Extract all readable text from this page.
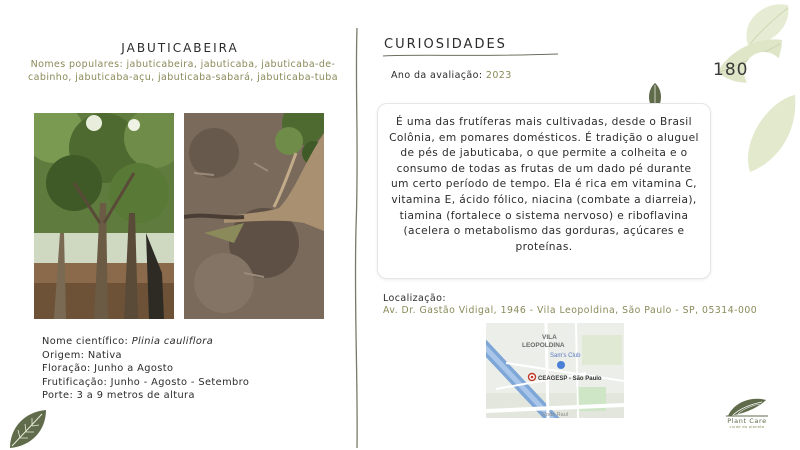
180
JABUTICABEIRA
Nomes populares: jabuticabeira, jabuticaba, jabuticaba-de-cabinho, jabuticaba-açu, jabuticaba-sabará, jabuticaba-tuba
Nome científico: Plinia cauliflora
Origem: Nativa
Floração: Junho a Agosto
Frutificação: Junho - Agosto - Setembro
Porte: 3 a 9 metros de altura
CURIOSIDADES
Ano da avaliação: 2023
É uma das frutíferas mais cultivadas, desde o Brasil Colônia, em pomares domésticos. É tradição o aluguel de pés de jabuticaba, o que permite a colheita e o consumo de todas as frutas de um dado pé durante um certo período de tempo. Ela é rica em vitamina C, vitamina E, ácido fólico, niacina (combate a diarreia), tiamina (fortalece o sistema nervoso) e riboflavina (acelera o metabolismo das gorduras, açúcares e proteínas.
Localização:
Av. Dr. Gastão Vidigal, 1946 - Vila Leopoldina, São Paulo - SP, 05314-000
VILA
LEOPOLDINA
Sam's Club
CEAGESP - São Paulo
Rodo Raul
Plant Care
cuide do planeta
